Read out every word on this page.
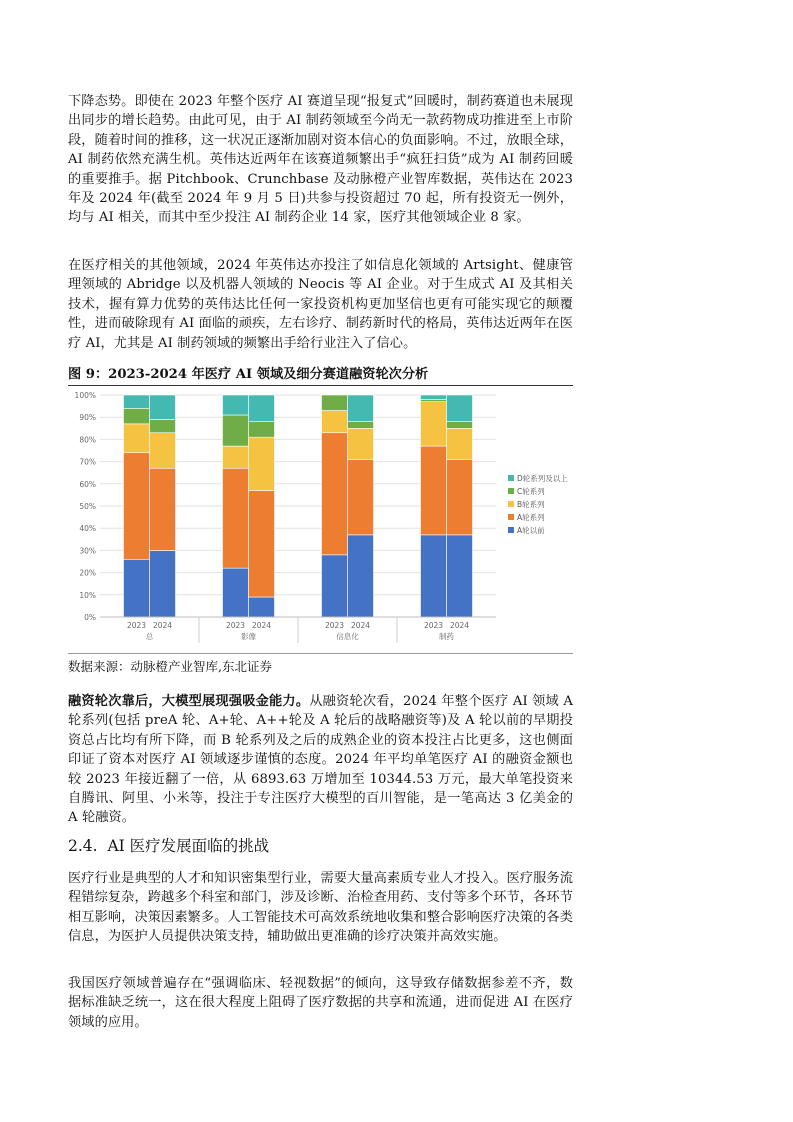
下降态势。即使在 2023 年整个医疗 AI 赛道呈现“报复式”回暖时，制药赛道也未展现出同步的增长趋势。由此可见，由于 AI 制药领域至今尚无一款药物成功推进至上市阶段，随着时间的推移，这一状况正逐渐加剧对资本信心的负面影响。不过，放眼全球，AI 制药依然充满生机。英伟达近两年在该赛道频繁出手“疯狂扫货”成为 AI 制药回暖的重要推手。据 Pitchbook、Crunchbase 及动脉橙产业智库数据，英伟达在 2023 年及 2024 年(截至 2024 年 9 月 5 日)共参与投资超过 70 起，所有投资无一例外，均与 AI 相关，而其中至少投注 AI 制药企业 14 家，医疗其他领域企业 8 家。

在医疗相关的其他领域，2024 年英伟达亦投注了如信息化领域的 Artsight、健康管理领域的 Abridge 以及机器人领域的 Neocis 等 AI 企业。对于生成式 AI 及其相关技术，握有算力优势的英伟达比任何一家投资机构更加坚信也更有可能实现它的颠覆性，进而破除现有 AI 面临的顽疾，左右诊疗、制药新时代的格局，英伟达近两年在医疗 AI，尤其是 AI 制药领域的频繁出手给行业注入了信心。

图 9：2023-2024 年医疗 AI 领域及细分赛道融资轮次分析
0%
10%
20%
30%
40%
50%
60%
70%
80%
90%
100%
2023 2024
总
2023 2024
影像
2023 2024
信息化
2023 2024
制药
D轮系列及以上
C轮系列
B轮系列
A轮系列
A轮以前
数据来源：动脉橙产业智库,东北证券

融资轮次靠后，大模型展现强吸金能力。从融资轮次看，2024 年整个医疗 AI 领域 A 轮系列(包括 preA 轮、A+轮、A++轮及 A 轮后的战略融资等)及 A 轮以前的早期投资总占比均有所下降，而 B 轮系列及之后的成熟企业的资本投注占比更多，这也侧面印证了资本对医疗 AI 领域逐步谨慎的态度。2024 年平均单笔医疗 AI 的融资金额也较 2023 年接近翻了一倍，从 6893.63 万增加至 10344.53 万元，最大单笔投资来自腾讯、阿里、小米等，投注于专注医疗大模型的百川智能，是一笔高达 3 亿美金的 A 轮融资。

2.4. AI 医疗发展面临的挑战

医疗行业是典型的人才和知识密集型行业，需要大量高素质专业人才投入。医疗服务流程错综复杂，跨越多个科室和部门，涉及诊断、治检查用药、支付等多个环节，各环节相互影响，决策因素繁多。人工智能技术可高效系统地收集和整合影响医疗决策的各类信息，为医护人员提供决策支持，辅助做出更准确的诊疗决策并高效实施。

我国医疗领域普遍存在“强调临床、轻视数据”的倾向，这导致存储数据参差不齐，数据标准缺乏统一，这在很大程度上阻碍了医疗数据的共享和流通，进而促进 AI 在医疗领域的应用。
